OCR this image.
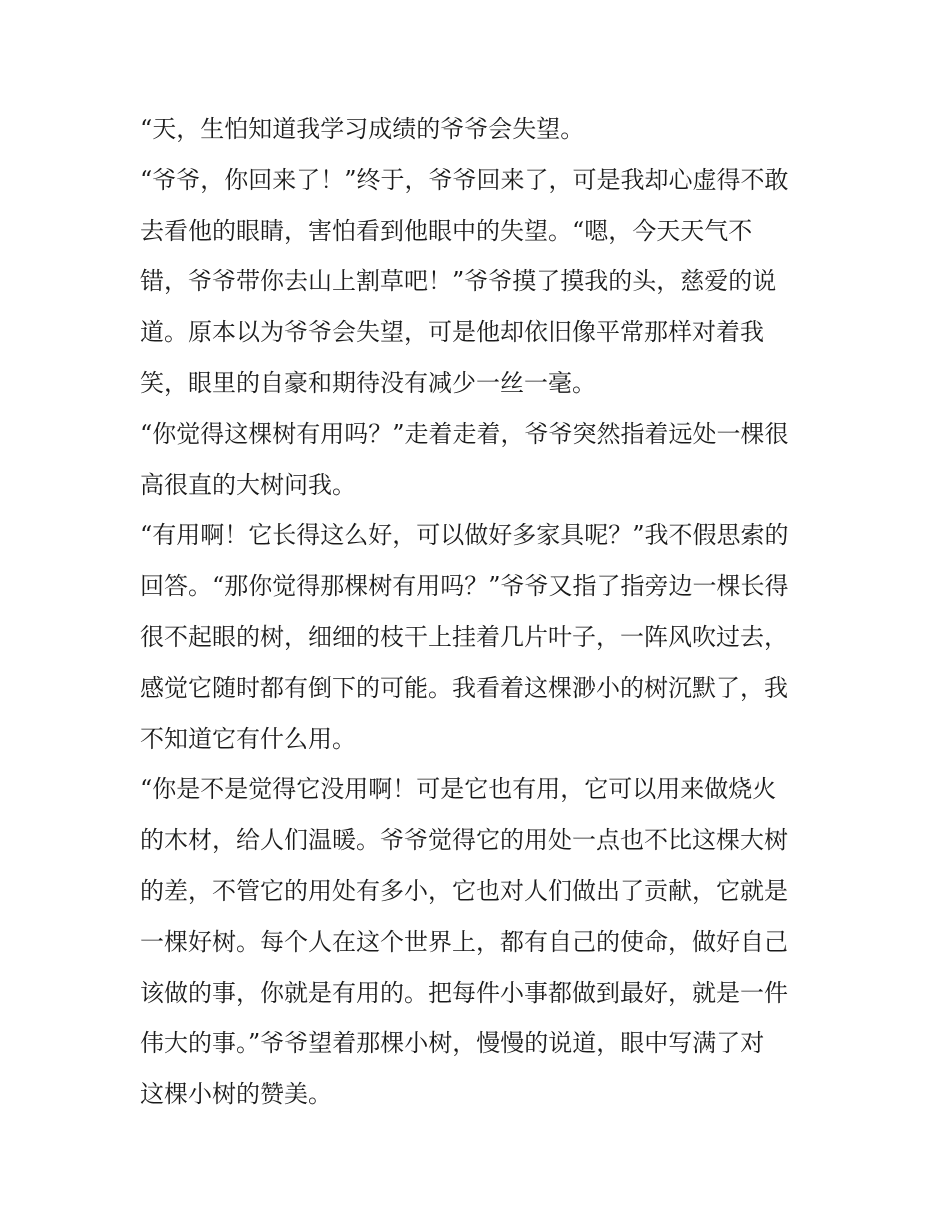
“天，生怕知道我学习成绩的爷爷会失望。
“爷爷，你回来了！”终于，爷爷回来了，可是我却心虚得不敢
去看他的眼睛，害怕看到他眼中的失望。“嗯，今天天气不
错，爷爷带你去山上割草吧！”爷爷摸了摸我的头，慈爱的说
道。原本以为爷爷会失望，可是他却依旧像平常那样对着我
笑，眼里的自豪和期待没有减少一丝一毫。
“你觉得这棵树有用吗？”走着走着，爷爷突然指着远处一棵很
高很直的大树问我。
“有用啊！它长得这么好，可以做好多家具呢？”我不假思索的
回答。“那你觉得那棵树有用吗？”爷爷又指了指旁边一棵长得
很不起眼的树，细细的枝干上挂着几片叶子，一阵风吹过去，
感觉它随时都有倒下的可能。我看着这棵渺小的树沉默了，我
不知道它有什么用。
“你是不是觉得它没用啊！可是它也有用，它可以用来做烧火
的木材，给人们温暖。爷爷觉得它的用处一点也不比这棵大树
的差，不管它的用处有多小，它也对人们做出了贡献，它就是
一棵好树。每个人在这个世界上，都有自己的使命，做好自己
该做的事，你就是有用的。把每件小事都做到最好，就是一件
伟大的事。”爷爷望着那棵小树，慢慢的说道，眼中写满了对
这棵小树的赞美。
